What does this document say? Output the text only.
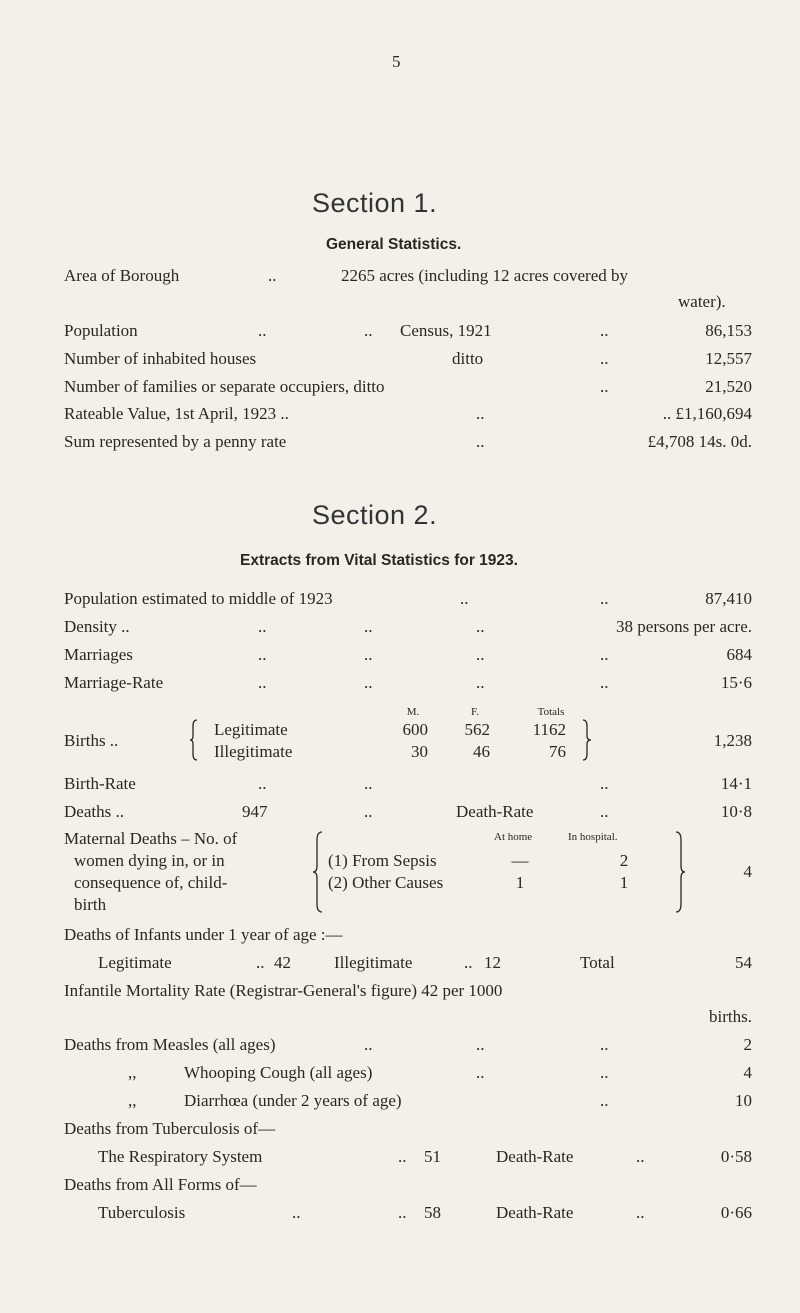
5
Section 1.
General Statistics.
Area of Borough	..	2265 acres (including 12 acres covered by
water).
Population	..	.. Census, 1921	..	86,153
Number of inhabited houses	ditto	..	12,557
Number of families or separate occupiers, ditto	..	21,520
Rateable Value, 1st April, 1923 ..	..	.. £1,160,694
Sum represented by a penny rate	..	£4,708 14s. 0d.
Section 2.
Extracts from Vital Statistics for 1923.
Population estimated to middle of 1923	..	..	87,410
Density ..	..	..	..	38 persons per acre.
Marriages	..	..	..	..	684
Marriage-Rate	..	..	..	..	15·6
M.	F.	Totals
Births ..
Legitimate	600	562	1162
Illegitimate	30	46	76
1,238
Birth-Rate	..	..	..	14·1
Deaths ..	947	..	Death-Rate	..	10·8
Maternal Deaths – No. of
women dying in, or in
consequence of, child-
birth
At home	In hospital.
(1) From Sepsis	—	2
(2) Other Causes	1	1
4
Deaths of Infants under 1 year of age :—
Legitimate	.. 42	Illegitimate	.. 12	Total	54
Infantile Mortality Rate (Registrar-General's figure) 42 per 1000
births.
Deaths from Measles (all ages)	..	..	..	2
,,	Whooping Cough (all ages)	..	..	4
,,	Diarrhœa (under 2 years of age)	..	10
Deaths from Tuberculosis of—
The Respiratory System	.. 51	Death-Rate	..	0·58
Deaths from All Forms of—
Tuberculosis	..	.. 58	Death-Rate	..	0·66
